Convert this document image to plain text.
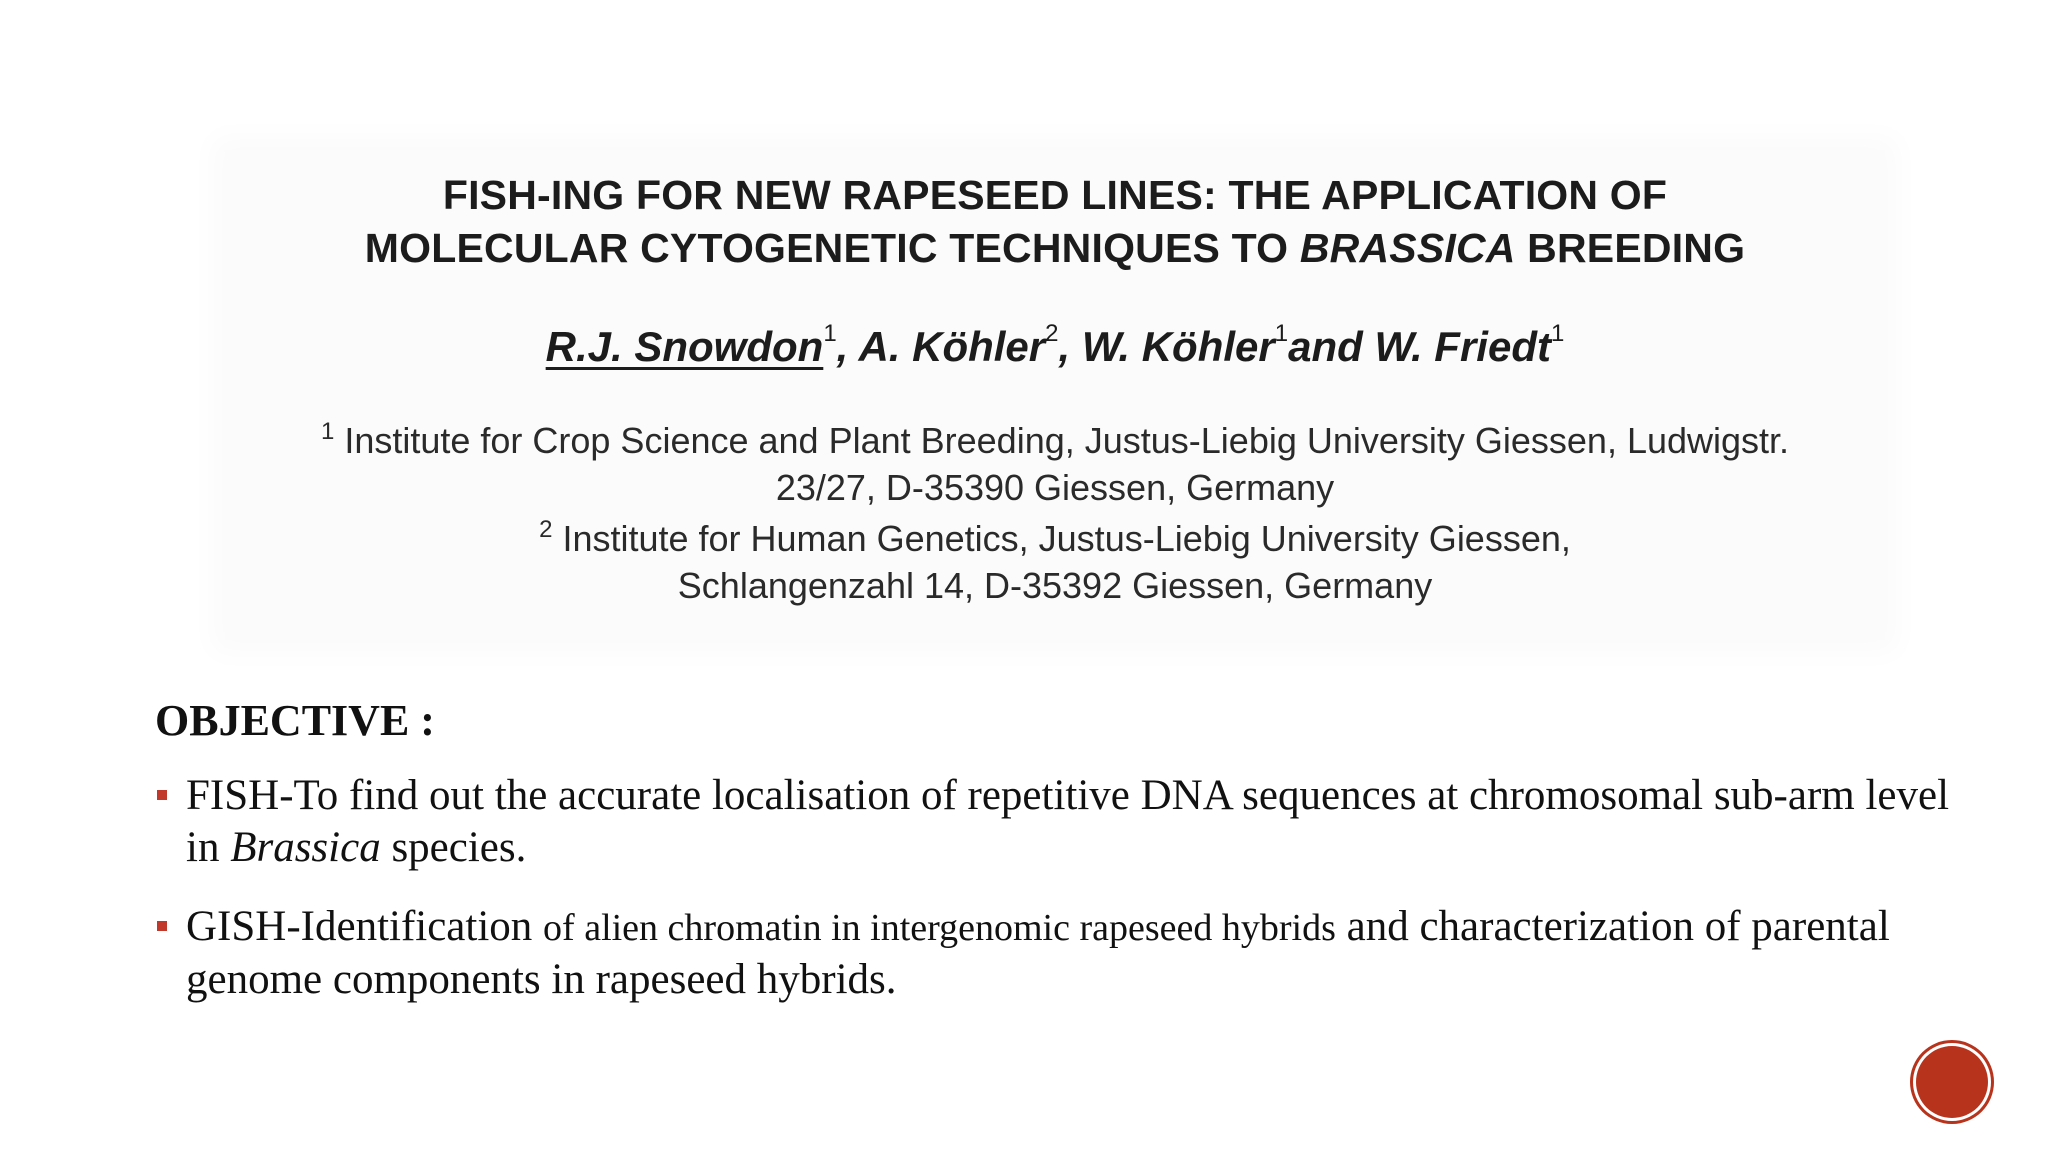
FISH-ING FOR NEW RAPESEED LINES: THE APPLICATION OF
MOLECULAR CYTOGENETIC TECHNIQUES TO BRASSICA BREEDING
R.J. Snowdon$^1$, A. Köhler$^2$, W. Köhler$^1$and W. Friedt$^1$
$^1$ Institute for Crop Science and Plant Breeding, Justus-Liebig University Giessen, Ludwigstr.
23/27, D-35390 Giessen, Germany
$^2$ Institute for Human Genetics, Justus-Liebig University Giessen,
Schlangenzahl 14, D-35392 Giessen, Germany
OBJECTIVE :
FISH-To find out the accurate localisation of repetitive DNA sequences at chromosomal sub-arm level in Brassica species.
GISH-Identification of alien chromatin in intergenomic rapeseed hybrids and characterization of parental genome components in rapeseed hybrids.
